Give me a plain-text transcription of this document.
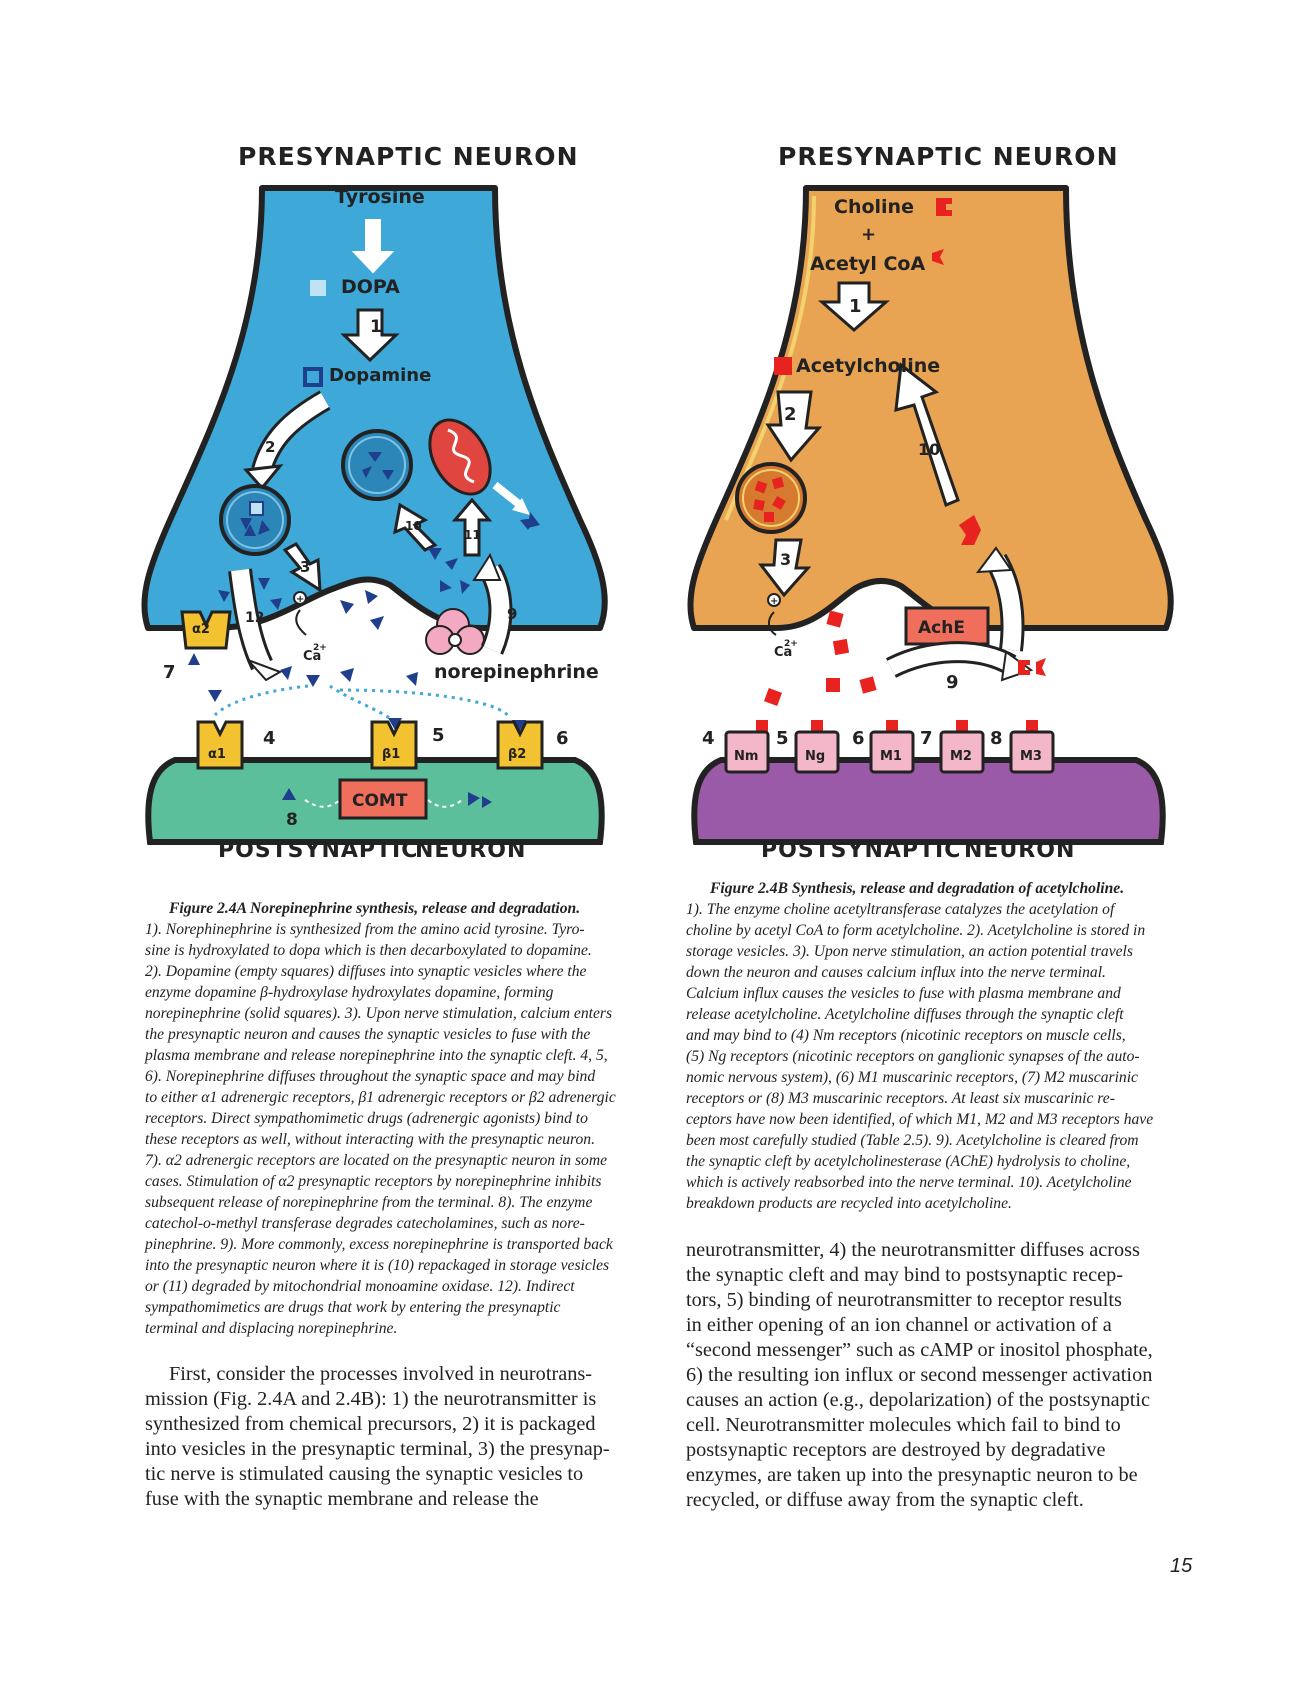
PRESYNAPTIC NEURON
Tyrosine
DOPA
Dopamine
1
2
3
4	5	6
7
8
9
10
11
12
+
Ca
2+
norepinephrine
α2
α1	β1	β2
COMT
POSTSYNAPTIC
NEURON
PRESYNAPTIC NEURON
Choline
+
Acetyl CoA
Acetylcholine
1
2
3
4	5	6	7	8
9
10
+
Ca
2+
AchE
Nm	Ng	M1	M2	M3
POSTSYNAPTIC NEURON
Figure 2.4A Norepinephrine synthesis, release and degradation.
1). Norephinephrine is synthesized from the amino acid tyrosine. Tyro-
sine is hydroxylated to dopa which is then decarboxylated to dopamine.
2). Dopamine (empty squares) diffuses into synaptic vesicles where the
enzyme dopamine β-hydroxylase hydroxylates dopamine, forming
norepinephrine (solid squares). 3). Upon nerve stimulation, calcium enters
the presynaptic neuron and causes the synaptic vesicles to fuse with the
plasma membrane and release norepinephrine into the synaptic cleft. 4, 5,
6). Norepinephrine diffuses throughout the synaptic space and may bind
to either α1 adrenergic receptors, β1 adrenergic receptors or β2 adrenergic
receptors. Direct sympathomimetic drugs (adrenergic agonists) bind to
these receptors as well, without interacting with the presynaptic neuron.
7). α2 adrenergic receptors are located on the presynaptic neuron in some
cases. Stimulation of α2 presynaptic receptors by norepinephrine inhibits
subsequent release of norepinephrine from the terminal. 8). The enzyme
catechol-o-methyl transferase degrades catecholamines, such as nore-
pinephrine. 9). More commonly, excess norepinephrine is transported back
into the presynaptic neuron where it is (10) repackaged in storage vesicles
or (11) degraded by mitochondrial monoamine oxidase. 12). Indirect
sympathomimetics are drugs that work by entering the presynaptic
terminal and displacing norepinephrine.
Figure 2.4B Synthesis, release and degradation of acetylcholine.
1). The enzyme choline acetyltransferase catalyzes the acetylation of
choline by acetyl CoA to form acetylcholine. 2). Acetylcholine is stored in
storage vesicles. 3). Upon nerve stimulation, an action potential travels
down the neuron and causes calcium influx into the nerve terminal.
Calcium influx causes the vesicles to fuse with plasma membrane and
release acetylcholine. Acetylcholine diffuses through the synaptic cleft
and may bind to (4) Nm receptors (nicotinic receptors on muscle cells,
(5) Ng receptors (nicotinic receptors on ganglionic synapses of the auto-
nomic nervous system), (6) M1 muscarinic receptors, (7) M2 muscarinic
receptors or (8) M3 muscarinic receptors. At least six muscarinic re-
ceptors have now been identified, of which M1, M2 and M3 receptors have
been most carefully studied (Table 2.5). 9). Acetylcholine is cleared from
the synaptic cleft by acetylcholinesterase (AChE) hydrolysis to choline,
which is actively reabsorbed into the nerve terminal. 10). Acetylcholine
breakdown products are recycled into acetylcholine.
First, consider the processes involved in neurotrans-
mission (Fig. 2.4A and 2.4B): 1) the neurotransmitter is
synthesized from chemical precursors, 2) it is packaged
into vesicles in the presynaptic terminal, 3) the presynap-
tic nerve is stimulated causing the synaptic vesicles to
fuse with the synaptic membrane and release the
neurotransmitter, 4) the neurotransmitter diffuses across
the synaptic cleft and may bind to postsynaptic recep-
tors, 5) binding of neurotransmitter to receptor results
in either opening of an ion channel or activation of a
“second messenger” such as cAMP or inositol phosphate,
6) the resulting ion influx or second messenger activation
causes an action (e.g., depolarization) of the postsynaptic
cell. Neurotransmitter molecules which fail to bind to
postsynaptic receptors are destroyed by degradative
enzymes, are taken up into the presynaptic neuron to be
recycled, or diffuse away from the synaptic cleft.
15
